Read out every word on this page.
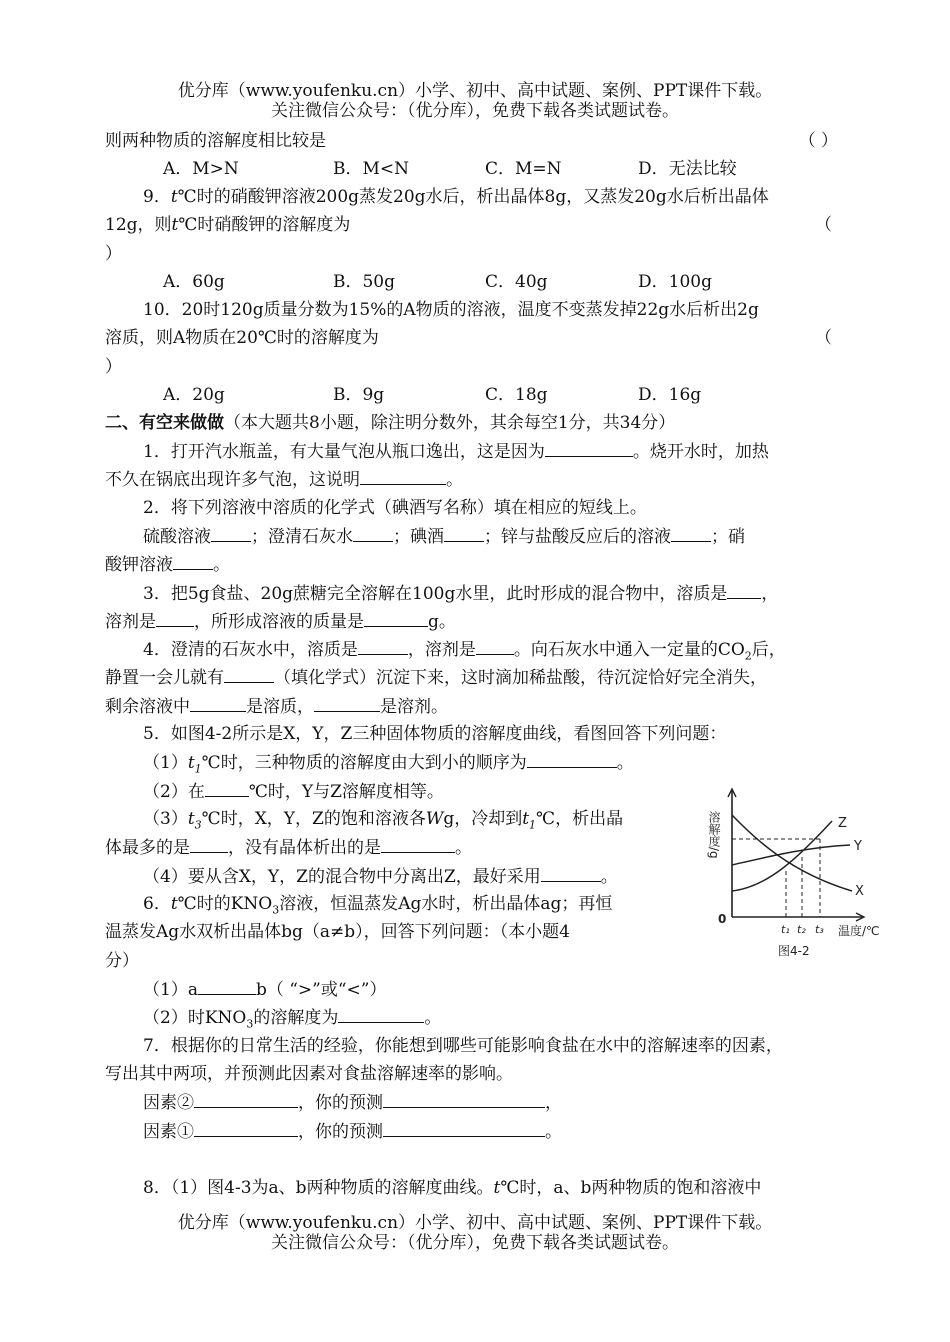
优分库（www.youfenku.cn）小学、初中、高中试题、案例、PPT课件下载。
关注微信公众号：（优分库），免费下载各类试题试卷。
则两种物质的溶解度相比较是	（ ）
A．M>N	B．M<N	C．M=N	D．无法比较
9．t℃时的硝酸钾溶液200g蒸发20g水后，析出晶体8g，又蒸发20g水后析出晶体
12g，则t℃时硝酸钾的溶解度为	（
）
A．60g	B．50g	C．40g	D．100g
10．20时120g质量分数为15%的A物质的溶液，温度不变蒸发掉22g水后析出2g
溶质，则A物质在20℃时的溶解度为	（
）
A．20g	B．9g	C．18g	D．16g
二、有空来做做（本大题共8小题，除注明分数外，其余每空1分，共34分）
1．打开汽水瓶盖，有大量气泡从瓶口逸出，这是因为	。烧开水时，加热
不久在锅底出现许多气泡，这说明	。
2．将下列溶液中溶质的化学式（碘酒写名称）填在相应的短线上。
硫酸溶液 ；澄清石灰水 ；碘酒 ；锌与盐酸反应后的溶液 ；硝
酸钾溶液 。
3．把5g食盐、20g蔗糖完全溶解在100g水里，此时形成的混合物中，溶质是 ，
溶剂是 ，所形成溶液的质量是	g。
4．澄清的石灰水中，溶质是	，溶剂是 。向石灰水中通入一定量的$CO_2$后，
静置一会儿就有	（填化学式）沉淀下来，这时滴加稀盐酸，待沉淀恰好完全消失，
剩余溶液中	是溶质，	是溶剂。
5．如图4-2所示是X，Y，Z三种固体物质的溶解度曲线，看图回答下列问题：
$(1)t_1℃$时，三种物质的溶解度由大到小的顺序为	。
（2）在	℃时，Y与Z溶解度相等。
$(3)t_3℃$时，X，Y，Z的饱和溶液各Wg，冷却到$t_1℃$，析出晶
体最多的是 ，没有晶体析出的是	。
（4）要从含X，Y，Z的混合物中分离出Z，最好采用	。
6．t℃时的$KNO_3$溶液，恒温蒸发Ag水时，析出晶体ag；再恒
温蒸发Ag水双析出晶体bg（a≠b），回答下列问题：（本小题4
分）
（1）a	b（ “>”或“<”）
（2）时$KNO_3$的溶解度为	。
7．根据你的日常生活的经验，你能想到哪些可能影响食盐在水中的溶解速率的因素，
写出其中两项，并预测此因素对食盐溶解速率的影响。
因素②	，你的预测	，
因素①	，你的预测	。
8．（1）图4-3为a、b两种物质的溶解度曲线。t℃时，a、b两种物质的饱和溶液中
优分库（www.youfenku.cn）小学、初中、高中试题、案例、PPT课件下载。
关注微信公众号：（优分库），免费下载各类试题试卷。
溶解度/g
0
温度/℃
Z
Y
X
t₁ t₂ t₃
图4-2
